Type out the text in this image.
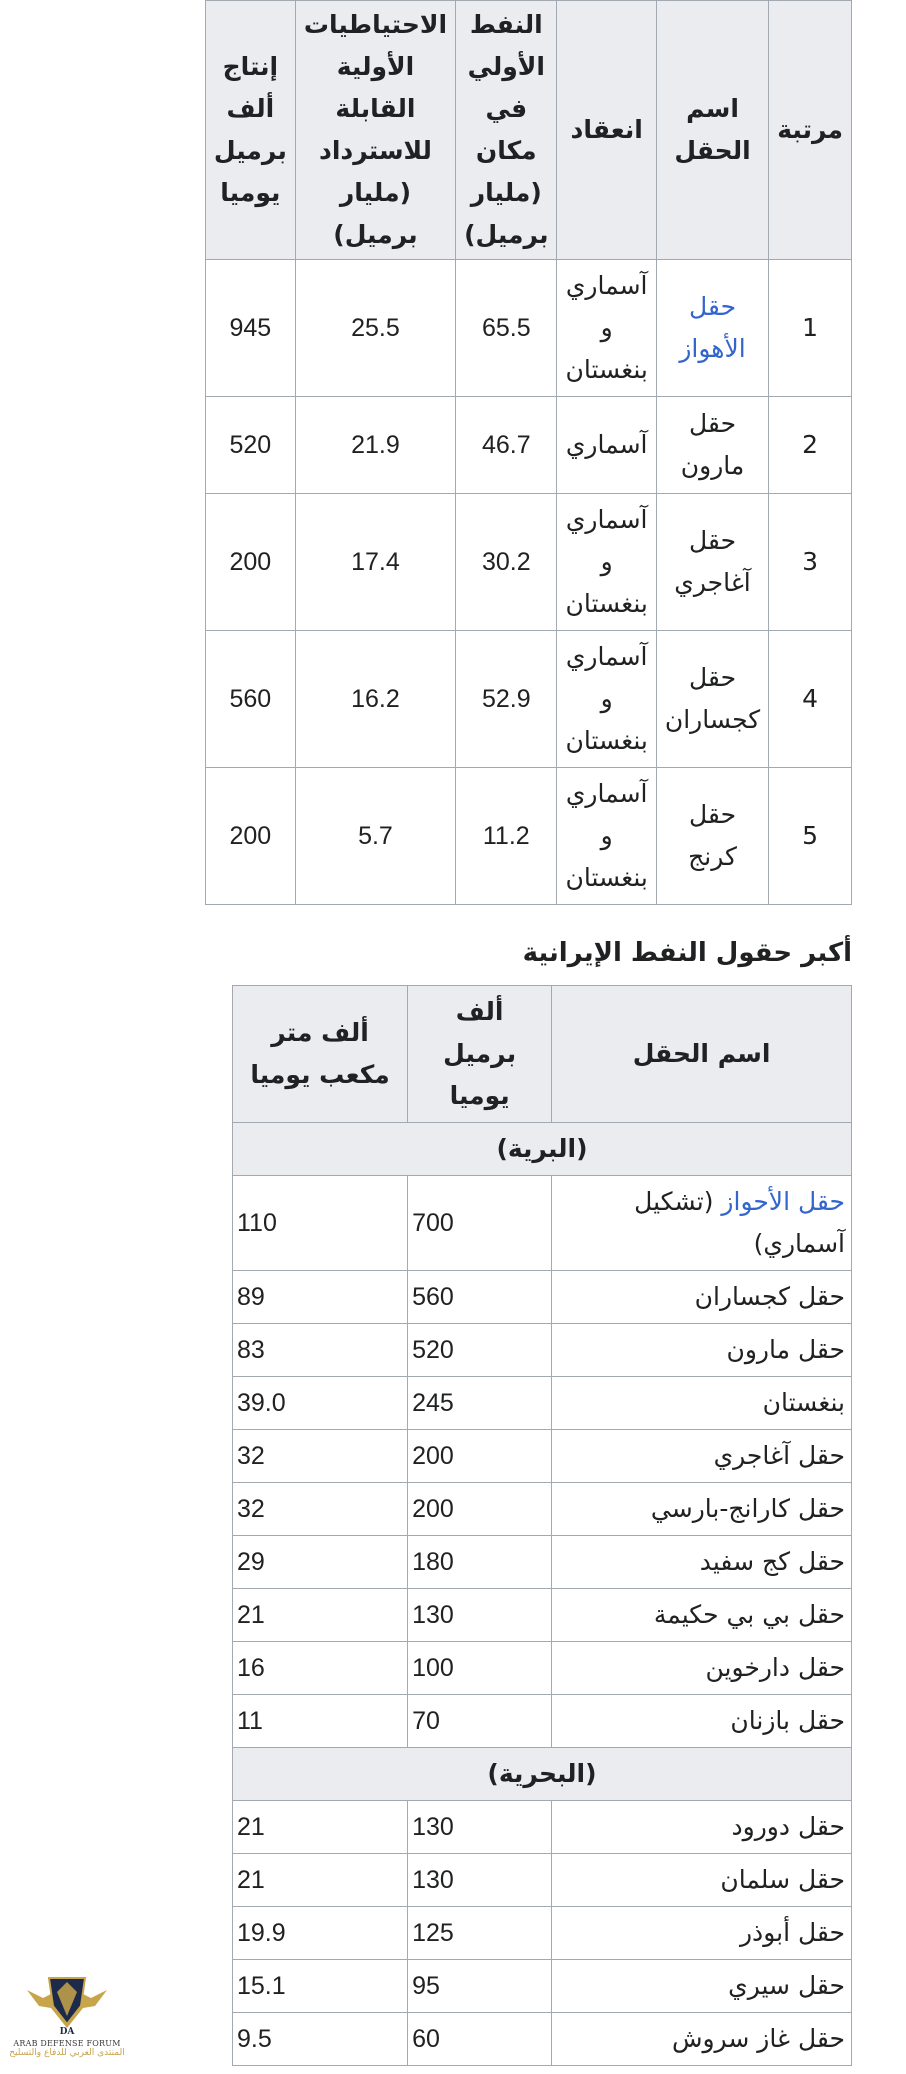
مرتبة	اسم الحقل	انعقاد	النفط الأولي في مكان (مليار برميل)	الاحتياطيات الأولية القابلة للاسترداد (مليار برميل)	إنتاج ألف برميل يوميا
1	حقل الأهواز	آسماري و بنغستان	65.5	25.5	945
2	حقل مارون	آسماري	46.7	21.9	520
3	حقل آغاجري	آسماري و بنغستان	30.2	17.4	200
4	حقل كجساران	آسماري و بنغستان	52.9	16.2	560
5	حقل كرنج	آسماري و بنغستان	11.2	5.7	200
أكبر حقول النفط الإيرانية
اسم الحقل	ألف برميل يوميا	ألف متر مكعب يوميا
(البرية)		
حقل الأحواز (تشكيل آسماري)	700	110
حقل كجساران	560	89
حقل مارون	520	83
بنغستان	245	39.0
حقل آغاجري	200	32
حقل كارانج-بارسي	200	32
حقل كج سفيد	180	29
حقل بي بي حكيمة	130	21
حقل دارخوين	100	16
حقل بازنان	70	11
(البحرية)		
حقل دورود	130	21
حقل سلمان	130	21
حقل أبوذر	125	19.9
حقل سيري	95	15.1
حقل غاز سروش	60	9.5
DA
ARAB DEFENSE FORUM
المنتدى العربي للدفاع والتسليح
